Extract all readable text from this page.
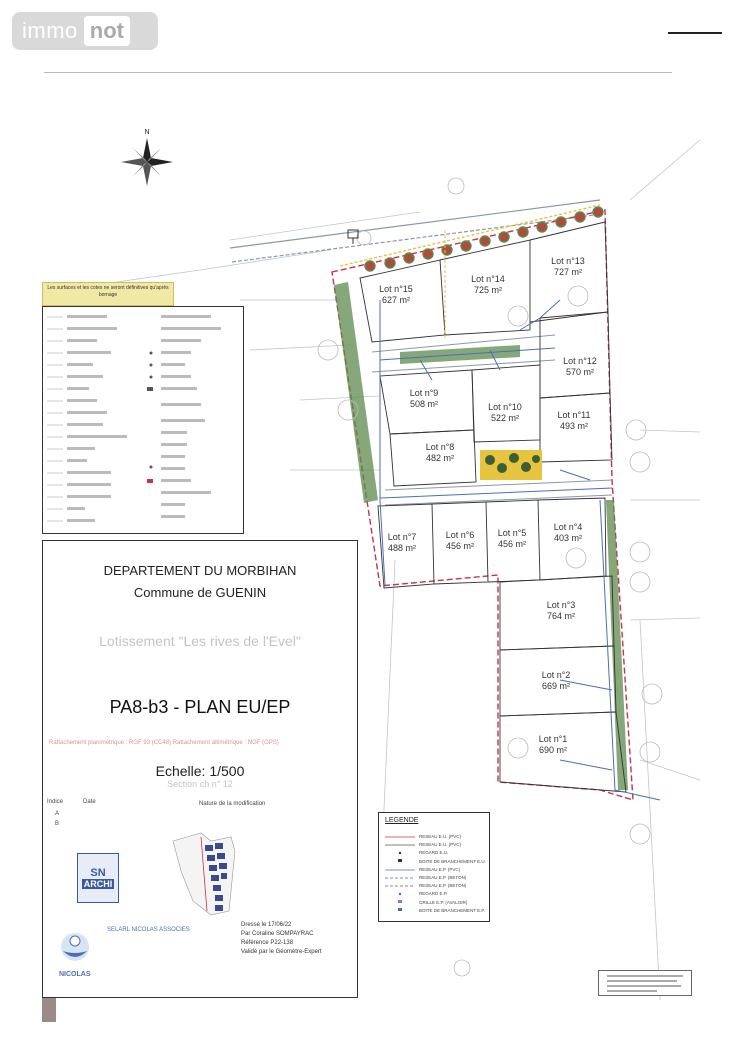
immo not
N
Lot n°15
627 m²
Lot n°14
725 m²
Lot n°13
727 m²
Lot n°12
570 m²
Lot n°9
508 m²	Lot n°10
522 m²	Lot n°11
493 m²
Lot n°8
482 m²
Lot n°7
488 m²
Lot n°6
456 m²
Lot n°5
456 m²
Lot n°4
403 m²
Lot n°3
764 m²
Lot n°2
669 m²
Lot n°1
690 m²
Les surfaces et les cotes ne seront définitives qu'après bornage
DEPARTEMENT DU MORBIHAN
Commune de GUENIN
Lotissement "Les rives de l'Evel"
PA8-b3 - PLAN EU/EP
Rattachement planimétrique : RGF 93 (CC48) Rattachement altimétrique : NGF (GPS)
Echelle: 1/500
Section ch n° 12
Indice	Date	Nature de la modification
A
B
SN
ARCHI
SELARL NICOLAS ASSOCIES
NICOLAS
Dressé le 17/06/22
Par Coraline SOMPAYRAC
Référence P22-138
Validé par le Géomètre-Expert
LEGENDE
RESEAU E.U. (PVC)
RESEAU E.U. (PVC)
REGARD E.U.
BOITE DE BRANCHEMENT E.U.
RESEAU E.P. (PVC)
RESEAU E.P. (BETON)
RESEAU E.P. (BETON)
REGARD E.P.
GRILLE E.P. (AVALOIR)
BOITE DE BRANCHEMENT E.P.
